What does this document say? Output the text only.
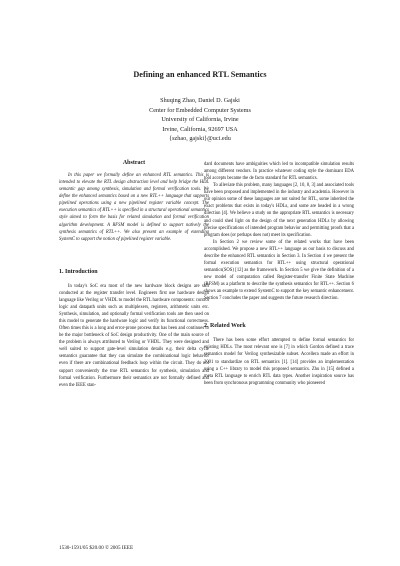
Defining an enhanced RTL Semantics
Shuqing Zhao, Daniel D. Gajski
Center for Embedded Computer Systems
University of California, Irvine
Irvine, California, 92697 USA
{szhao, gajski}@uci.edu
Abstract

In this paper we formally define an enhanced RTL semantics. This is intended to elevate the RTL design abstraction level and help bridge the HDL semantic gap among synthesis, simulation and formal verification tools. We define the enhanced semantics based on a new RTL++ language that supports pipelined operations using a new pipelined register variable concept. The execution semantics of RTL++ is specified in a structural operational semantics style aimed to form the basis for related simulation and formal verification algorithm development. A RFSM model is defined to support natively the synthesis semantics of RTL++. We also present an example of extending SystemC to support the notion of pipelined register variable.

1. Introduction

In today's SoC era most of the new hardware block designs are still conducted at the register transfer level. Engineers first use hardware design language like Verilog or VHDL to model the RTL hardware components: control logic and datapath units such as multiplexers, registers, arithmetic units etc. Synthesis, simulation, and optionally formal verification tools are then used on this model to generate the hardware logic and verify its functional correctness. Often times this is a long and error-prone process that has been and continues to be the major bottleneck of SoC design productivity. One of the main source of the problem is always attributed to Verilog or VHDL. They were designed and well suited to support gate-level simulation details e.g. their delta cycle semantics guarantee that they can simulate the combinational logic behavior even if there are combinational feedback loop within the circuit. They do not support conveniently the true RTL semantics for synthesis, simulation and formal verification. Furthermore their semantics are not formally defined and even the IEEE stan-

dard documents have ambiguities which led to incompatible simulation results among different vendors. In practice whatever coding style the dominant EDA tool accepts became the de facto standard for RTL semantics.

To alleviate this problem, many languages [2, 10, 8, 3] and associated tools have been proposed and implemented in the industry and academia. However in our opinion some of these languages are not suited for RTL, some inherited the exact problems that exists in today's HDLs, and some are headed in a wrong direction [4]. We believe a study on the appropriate RTL semantics is necessary and could shed light on the design of the next generation HDLs by allowing precise specifications of intended program behavior and permitting proofs that a program does (or perhaps does not) meet its specification.

In Section 2 we review some of the related works that have been accomplished. We propose a new RTL++ language as our basis to discuss and describe the enhanced RTL semantics in Section 3. In Section 4 we present the formal execution semantics for RTL++ using structural operational semantics(SOS) [12] as the framework. In Section 5 we give the definition of a new model of computation called Register-transfer Finite State Machine (RFSM) as a platform to describe the synthesis semantics for RTL++. Section 6 shows an example to extend SystemC to support the key semantic enhancement. Section 7 concludes the paper and suggests the future research direction.

2. Related Work

There has been some effort attempted to define formal semantics for existing HDLs. The most relevant one is [7] in which Gordon defined a trace semantics model for Verilog synthesizable subset. Accellera made an effort in 2001 to standardize on RTL semantics [1]. [14] provides an implementation using a C++ library to model this proposed semantics. Zhu in [15] defined a meta RTL language to enrich RTL data types. Another inspiration source has been from synchronous programming community who pioneered

1530-1591/05 $20.00 © 2005 IEEE
